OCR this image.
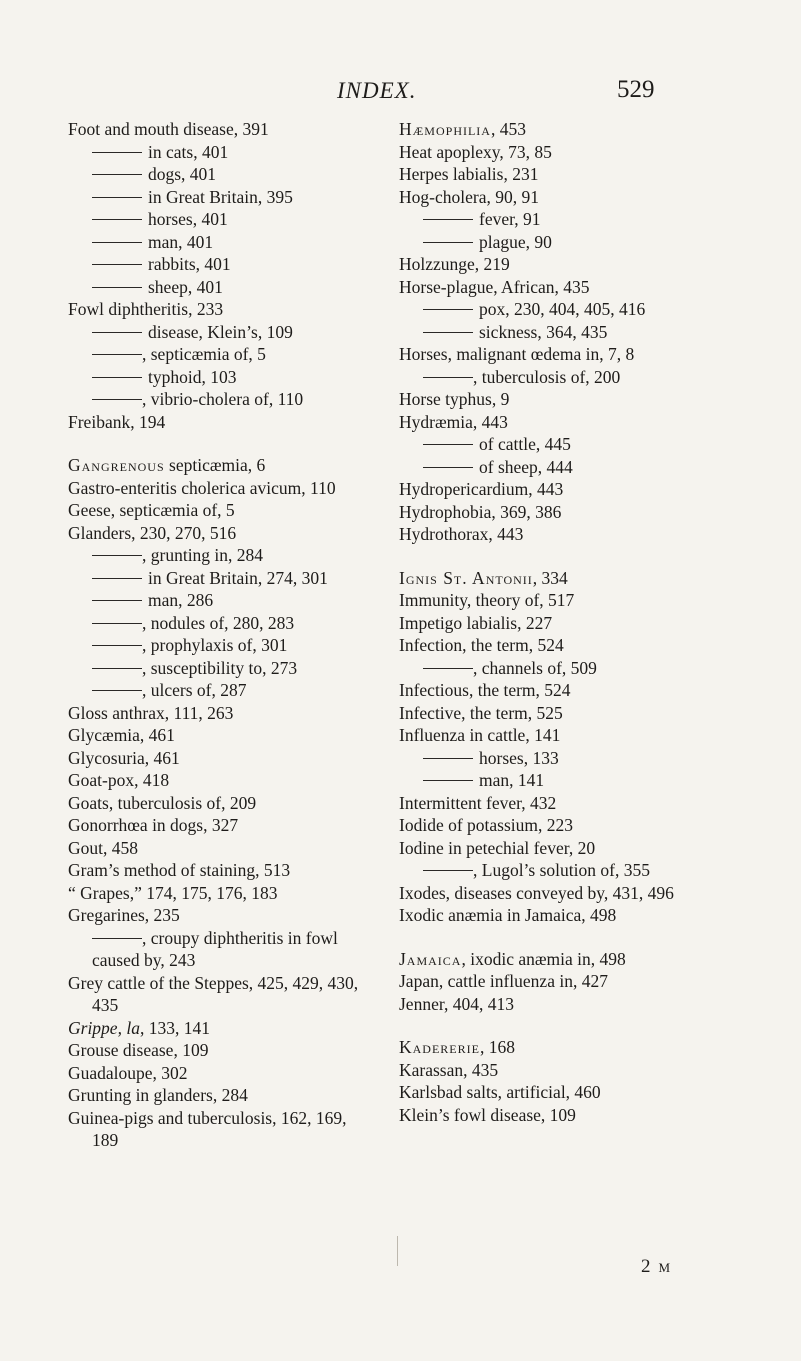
INDEX.	529

Foot and mouth disease, 391

in cats, 401

dogs, 401

in Great Britain, 395

horses, 401

man, 401

rabbits, 401

sheep, 401

Fowl diphtheritis, 233

disease, Klein’s, 109

, septicæmia of, 5

typhoid, 103

, vibrio-cholera of, 110

Freibank, 194

Gangrenous septicæmia, 6

Gastro-enteritis cholerica avicum, 110

Geese, septicæmia of, 5

Glanders, 230, 270, 516

, grunting in, 284

in Great Britain, 274, 301

man, 286

, nodules of, 280, 283

, prophylaxis of, 301

, susceptibility to, 273

, ulcers of, 287

Gloss anthrax, 111, 263

Glycæmia, 461

Glycosuria, 461

Goat-pox, 418

Goats, tuberculosis of, 209

Gonorrhœa in dogs, 327

Gout, 458

Gram’s method of staining, 513

“ Grapes,” 174, 175, 176, 183

Gregarines, 235

, croupy diphtheritis in fowl caused by, 243

Grey cattle of the Steppes, 425, 429, 430, 435

Grippe, la, 133, 141

Grouse disease, 109

Guadaloupe, 302

Grunting in glanders, 284

Guinea-pigs and tuberculosis, 162, 169, 189

Hæmophilia, 453

Heat apoplexy, 73, 85

Herpes labialis, 231

Hog-cholera, 90, 91

fever, 91

plague, 90

Holzzunge, 219

Horse-plague, African, 435

pox, 230, 404, 405, 416

sickness, 364, 435

Horses, malignant œdema in, 7, 8

, tuberculosis of, 200

Horse typhus, 9

Hydræmia, 443

of cattle, 445

of sheep, 444

Hydropericardium, 443

Hydrophobia, 369, 386

Hydrothorax, 443

Ignis St. Antonii, 334

Immunity, theory of, 517

Impetigo labialis, 227

Infection, the term, 524

, channels of, 509

Infectious, the term, 524

Infective, the term, 525

Influenza in cattle, 141

horses, 133

man, 141

Intermittent fever, 432

Iodide of potassium, 223

Iodine in petechial fever, 20

, Lugol’s solution of, 355

Ixodes, diseases conveyed by, 431, 496

Ixodic anæmia in Jamaica, 498

Jamaica, ixodic anæmia in, 498

Japan, cattle influenza in, 427

Jenner, 404, 413

Kadererie, 168

Karassan, 435

Karlsbad salts, artificial, 460

Klein’s fowl disease, 109

2 M
